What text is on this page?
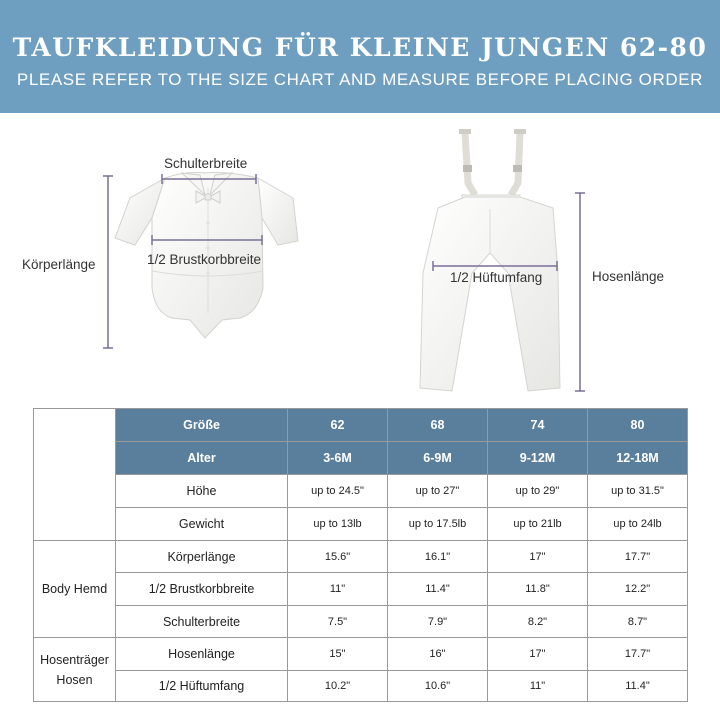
TAUFKLEIDUNG FÜR KLEINE JUNGEN 62-80
PLEASE REFER TO THE SIZE CHART AND MEASURE BEFORE PLACING ORDER
Schulterbreite
Körperlänge	1/2 Brustkorbbreite
1/2 Hüftumfang	Hosenlänge
	Größe	62	68	74	80
	Alter	3-6M	6-9M	9-12M	12-18M
	Höhe	up to 24.5"	up to 27"	up to 29"	up to 31.5"
	Gewicht	up to 13lb	up to 17.5lb	up to 21lb	up to 24lb
Body Hemd	Körperlänge	15.6"	16.1"	17"	17.7"
	1/2 Brustkorbbreite	11"	11.4"	11.8"	12.2"
	Schulterbreite	7.5"	7.9"	8.2"	8.7"
Hosenträger Hosen	Hosenlänge	15"	16"	17"	17.7"
	1/2 Hüftumfang	10.2"	10.6"	11"	11.4"
